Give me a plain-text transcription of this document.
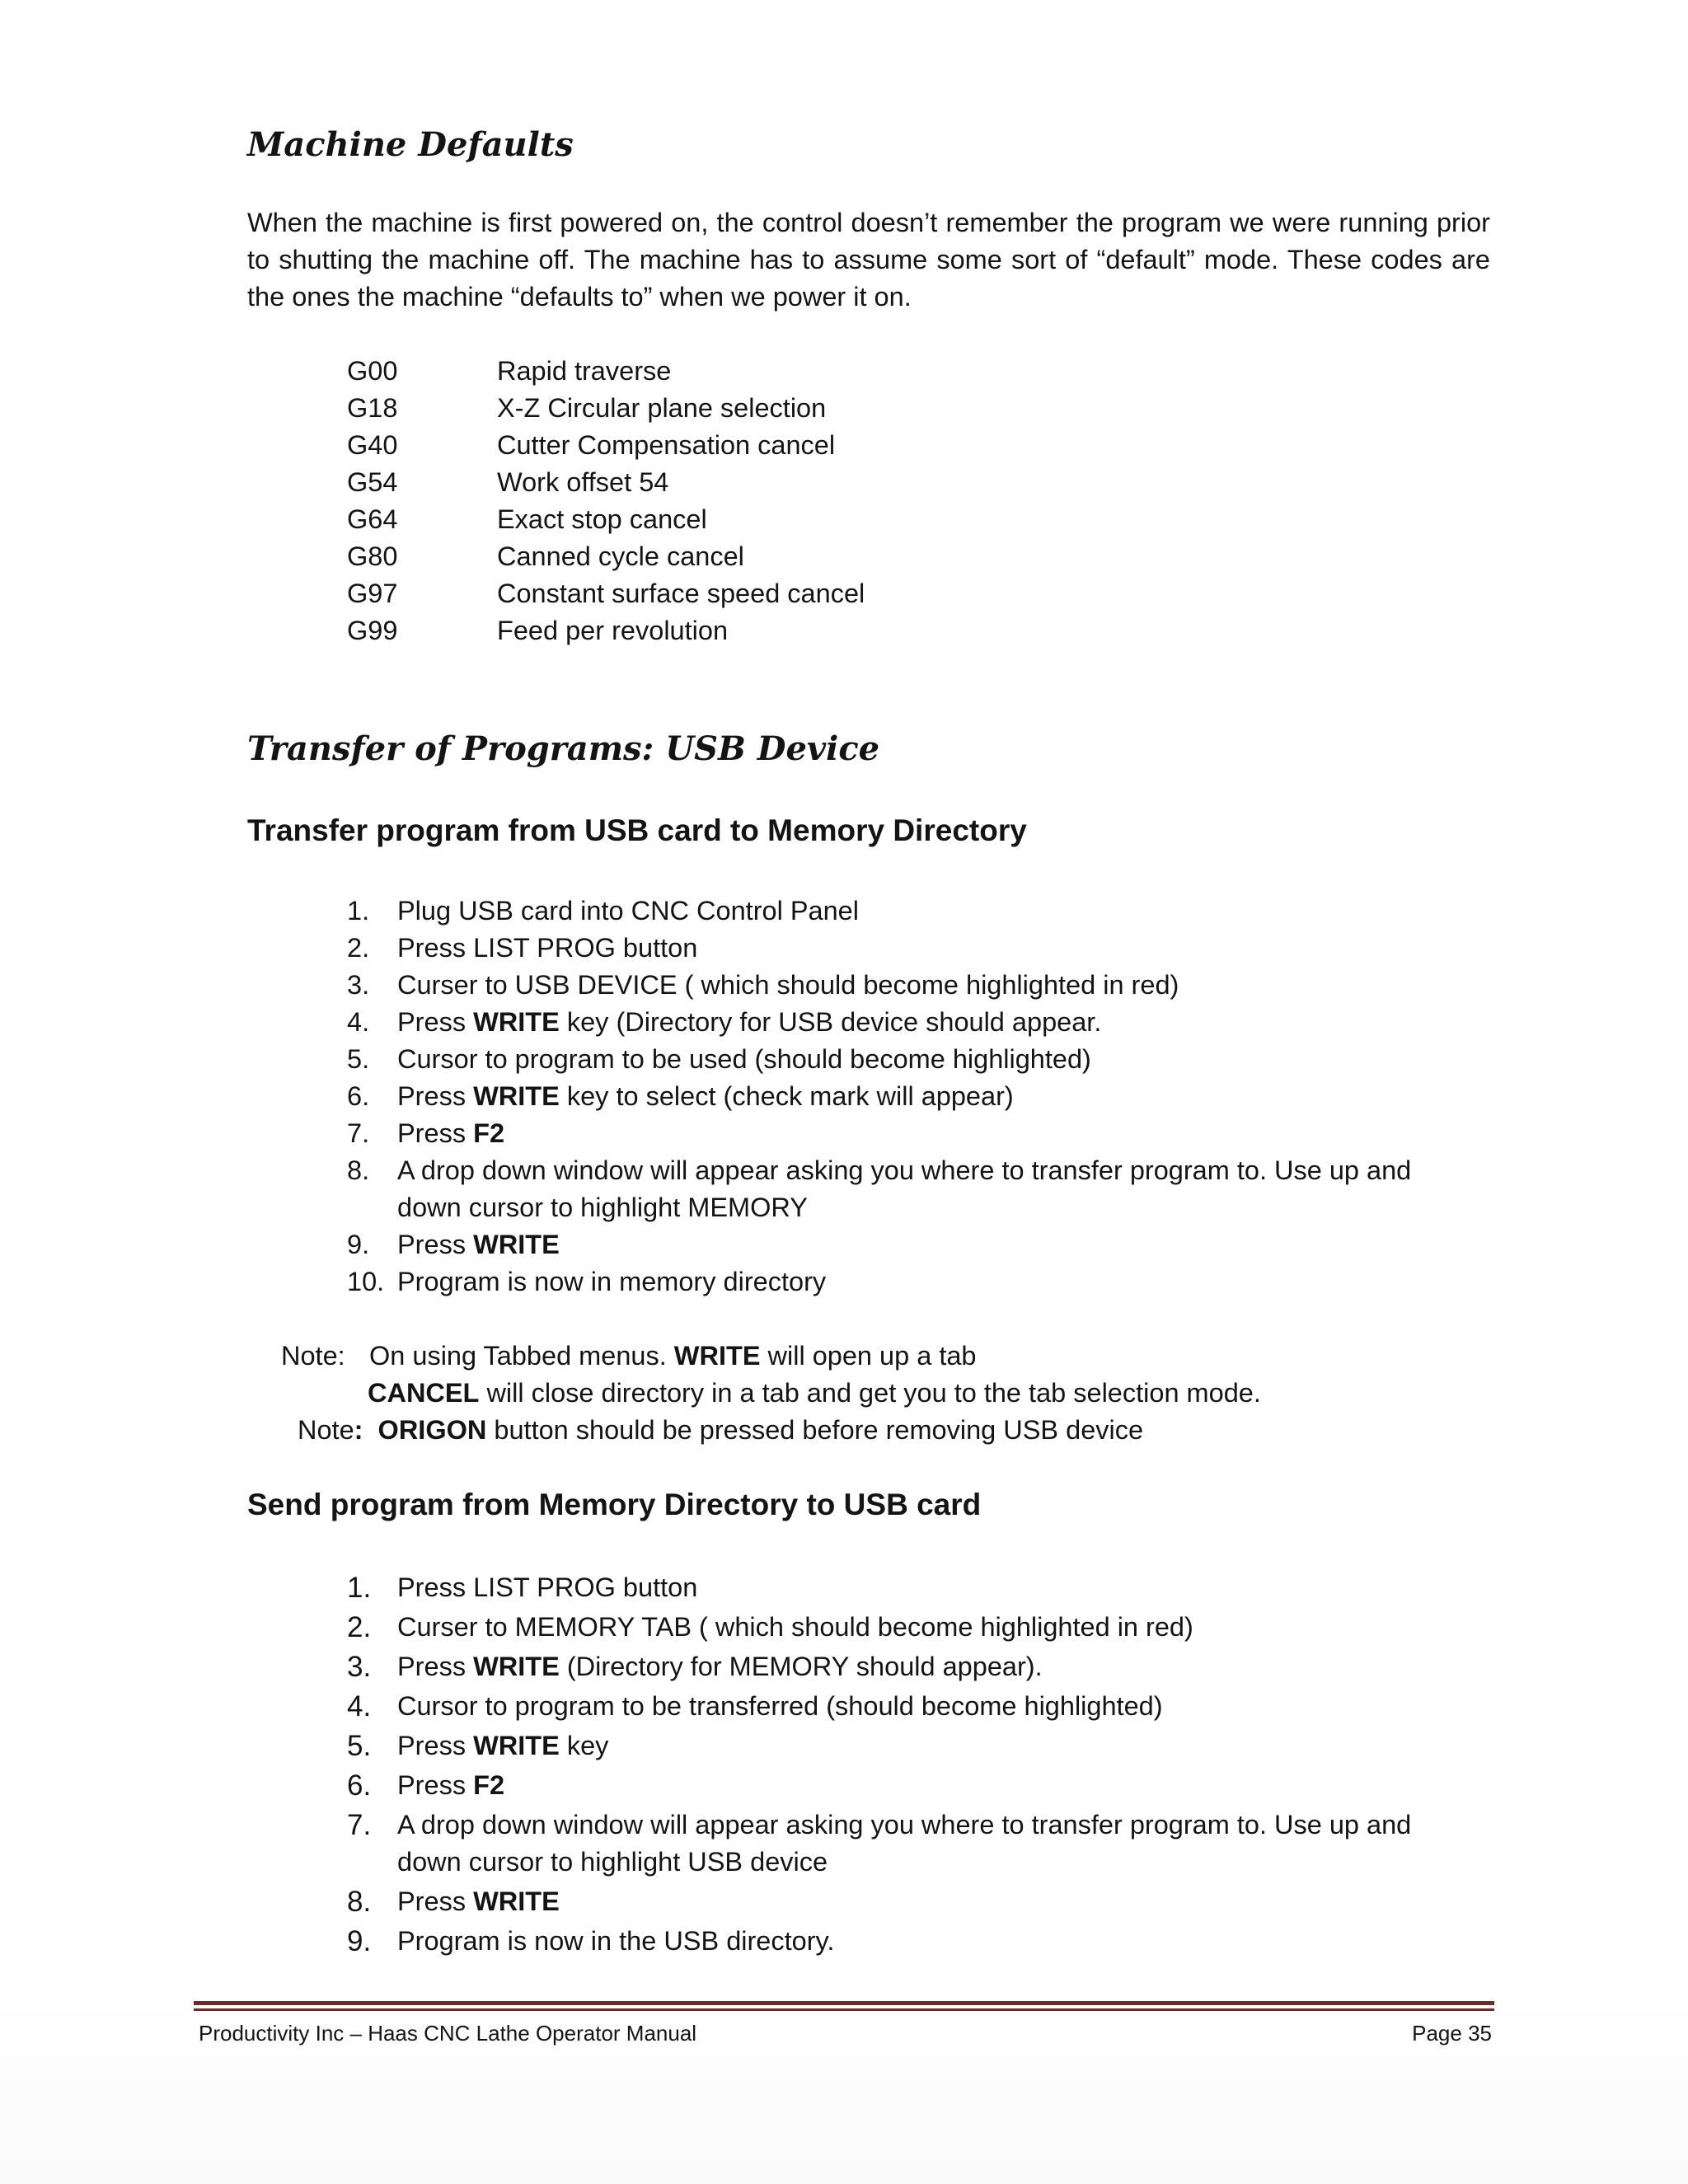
Machine Defaults
When the machine is first powered on, the control doesn’t remember the program we were running prior to shutting the machine off. The machine has to assume some sort of “default” mode. These codes are the ones the machine “defaults to” when we power it on.
G00	Rapid traverse
G18	X-Z Circular plane selection
G40	Cutter Compensation cancel
G54	Work offset 54
G64	Exact stop cancel
G80	Canned cycle cancel
G97	Constant surface speed cancel
G99	Feed per revolution
Transfer of Programs: USB Device
Transfer program from USB card to Memory Directory
1. Plug USB card into CNC Control Panel
2. Press LIST PROG button
3. Curser to USB DEVICE ( which should become highlighted in red)
4. Press WRITE key (Directory for USB device should appear.
5. Cursor to program to be used (should become highlighted)
6. Press WRITE key to select (check mark will appear)
7. Press F2
8. A drop down window will appear asking you where to transfer program to. Use up and
down cursor to highlight MEMORY
9. Press WRITE
10. Program is now in memory directory
Note: On using Tabbed menus. WRITE will open up a tab
CANCEL will close directory in a tab and get you to the tab selection mode.
Note: ORIGON button should be pressed before removing USB device
Send program from Memory Directory to USB card
1. Press LIST PROG button
2. Curser to MEMORY TAB ( which should become highlighted in red)
3. Press WRITE (Directory for MEMORY should appear).
4. Cursor to program to be transferred (should become highlighted)
5. Press WRITE key
6. Press F2
7. A drop down window will appear asking you where to transfer program to. Use up and
down cursor to highlight USB device
8. Press WRITE
9. Program is now in the USB directory.
Productivity Inc – Haas CNC Lathe Operator Manual	Page 35
